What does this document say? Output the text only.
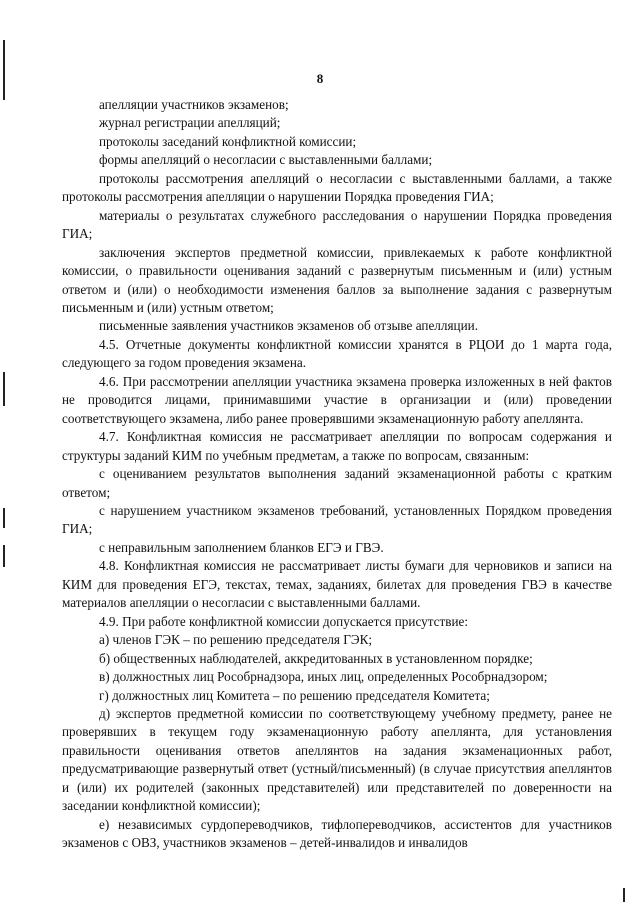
8

апелляции участников экзаменов;

журнал регистрации апелляций;

протоколы заседаний конфликтной комиссии;

формы апелляций о несогласии с выставленными баллами;

протоколы рассмотрения апелляций о несогласии с выставленными баллами, а также протоколы рассмотрения апелляции о нарушении Порядка проведения ГИА;

материалы о результатах служебного расследования о нарушении Порядка проведения ГИА;

заключения экспертов предметной комиссии, привлекаемых к работе конфликтной комиссии, о правильности оценивания заданий с развернутым письменным и (или) устным ответом и (или) о необходимости изменения баллов за выполнение задания с развернутым письменным и (или) устным ответом;

письменные заявления участников экзаменов об отзыве апелляции.

4.5. Отчетные документы конфликтной комиссии хранятся в РЦОИ до 1 марта года, следующего за годом проведения экзамена.

4.6. При рассмотрении апелляции участника экзамена проверка изложенных в ней фактов не проводится лицами, принимавшими участие в организации и (или) проведении соответствующего экзамена, либо ранее проверявшими экзаменационную работу апеллянта.

4.7. Конфликтная комиссия не рассматривает апелляции по вопросам содержания и структуры заданий КИМ по учебным предметам, а также по вопросам, связанным:

с оцениванием результатов выполнения заданий экзаменационной работы с кратким ответом;

с нарушением участником экзаменов требований, установленных Порядком проведения ГИА;

с неправильным заполнением бланков ЕГЭ и ГВЭ.

4.8. Конфликтная комиссия не рассматривает листы бумаги для черновиков и записи на КИМ для проведения ЕГЭ, текстах, темах, заданиях, билетах для проведения ГВЭ в качестве материалов апелляции о несогласии с выставленными баллами.

4.9. При работе конфликтной комиссии допускается присутствие:

а) членов ГЭК – по решению председателя ГЭК;

б) общественных наблюдателей, аккредитованных в установленном порядке;

в) должностных лиц Рособрнадзора, иных лиц, определенных Рособрнадзором;

г) должностных лиц Комитета – по решению председателя Комитета;

д) экспертов предметной комиссии по соответствующему учебному предмету, ранее не проверявших в текущем году экзаменационную работу апеллянта, для установления правильности оценивания ответов апеллянтов на задания экзаменационных работ, предусматривающие развернутый ответ (устный/письменный) (в случае присутствия апеллянтов и (или) их родителей (законных представителей) или представителей по доверенности на заседании конфликтной комиссии);

е) независимых сурдопереводчиков, тифлопереводчиков, ассистентов для участников экзаменов с ОВЗ, участников экзаменов – детей-инвалидов и инвалидов
